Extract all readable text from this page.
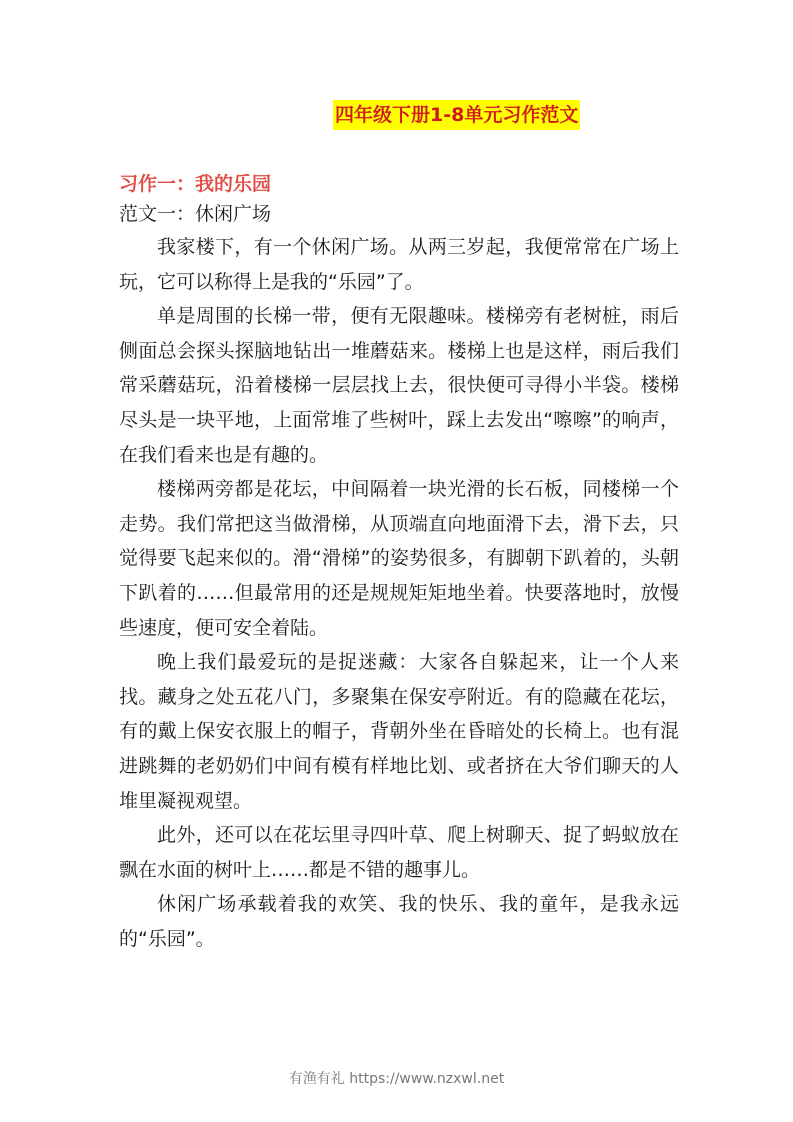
四年级下册1-8单元习作范文
习作一：我的乐园
范文一：休闲广场

我家楼下，有一个休闲广场。从两三岁起，我便常常在广场上玩，它可以称得上是我的“乐园”了。

单是周围的长梯一带，便有无限趣味。楼梯旁有老树桩，雨后侧面总会探头探脑地钻出一堆蘑菇来。楼梯上也是这样，雨后我们常采蘑菇玩，沿着楼梯一层层找上去，很快便可寻得小半袋。楼梯尽头是一块平地，上面常堆了些树叶，踩上去发出“嚓嚓”的响声，在我们看来也是有趣的。

楼梯两旁都是花坛，中间隔着一块光滑的长石板，同楼梯一个走势。我们常把这当做滑梯，从顶端直向地面滑下去，滑下去，只觉得要飞起来似的。滑“滑梯”的姿势很多，有脚朝下趴着的，头朝下趴着的……但最常用的还是规规矩矩地坐着。快要落地时，放慢些速度，便可安全着陆。

晚上我们最爱玩的是捉迷藏：大家各自躲起来，让一个人来找。藏身之处五花八门，多聚集在保安亭附近。有的隐藏在花坛，有的戴上保安衣服上的帽子，背朝外坐在昏暗处的长椅上。也有混进跳舞的老奶奶们中间有模有样地比划、或者挤在大爷们聊天的人堆里凝视观望。

此外，还可以在花坛里寻四叶草、爬上树聊天、捉了蚂蚁放在飘在水面的树叶上……都是不错的趣事儿。

休闲广场承载着我的欢笑、我的快乐、我的童年，是我永远的“乐园”。

有渔有礼 https://www.nzxwl.net
